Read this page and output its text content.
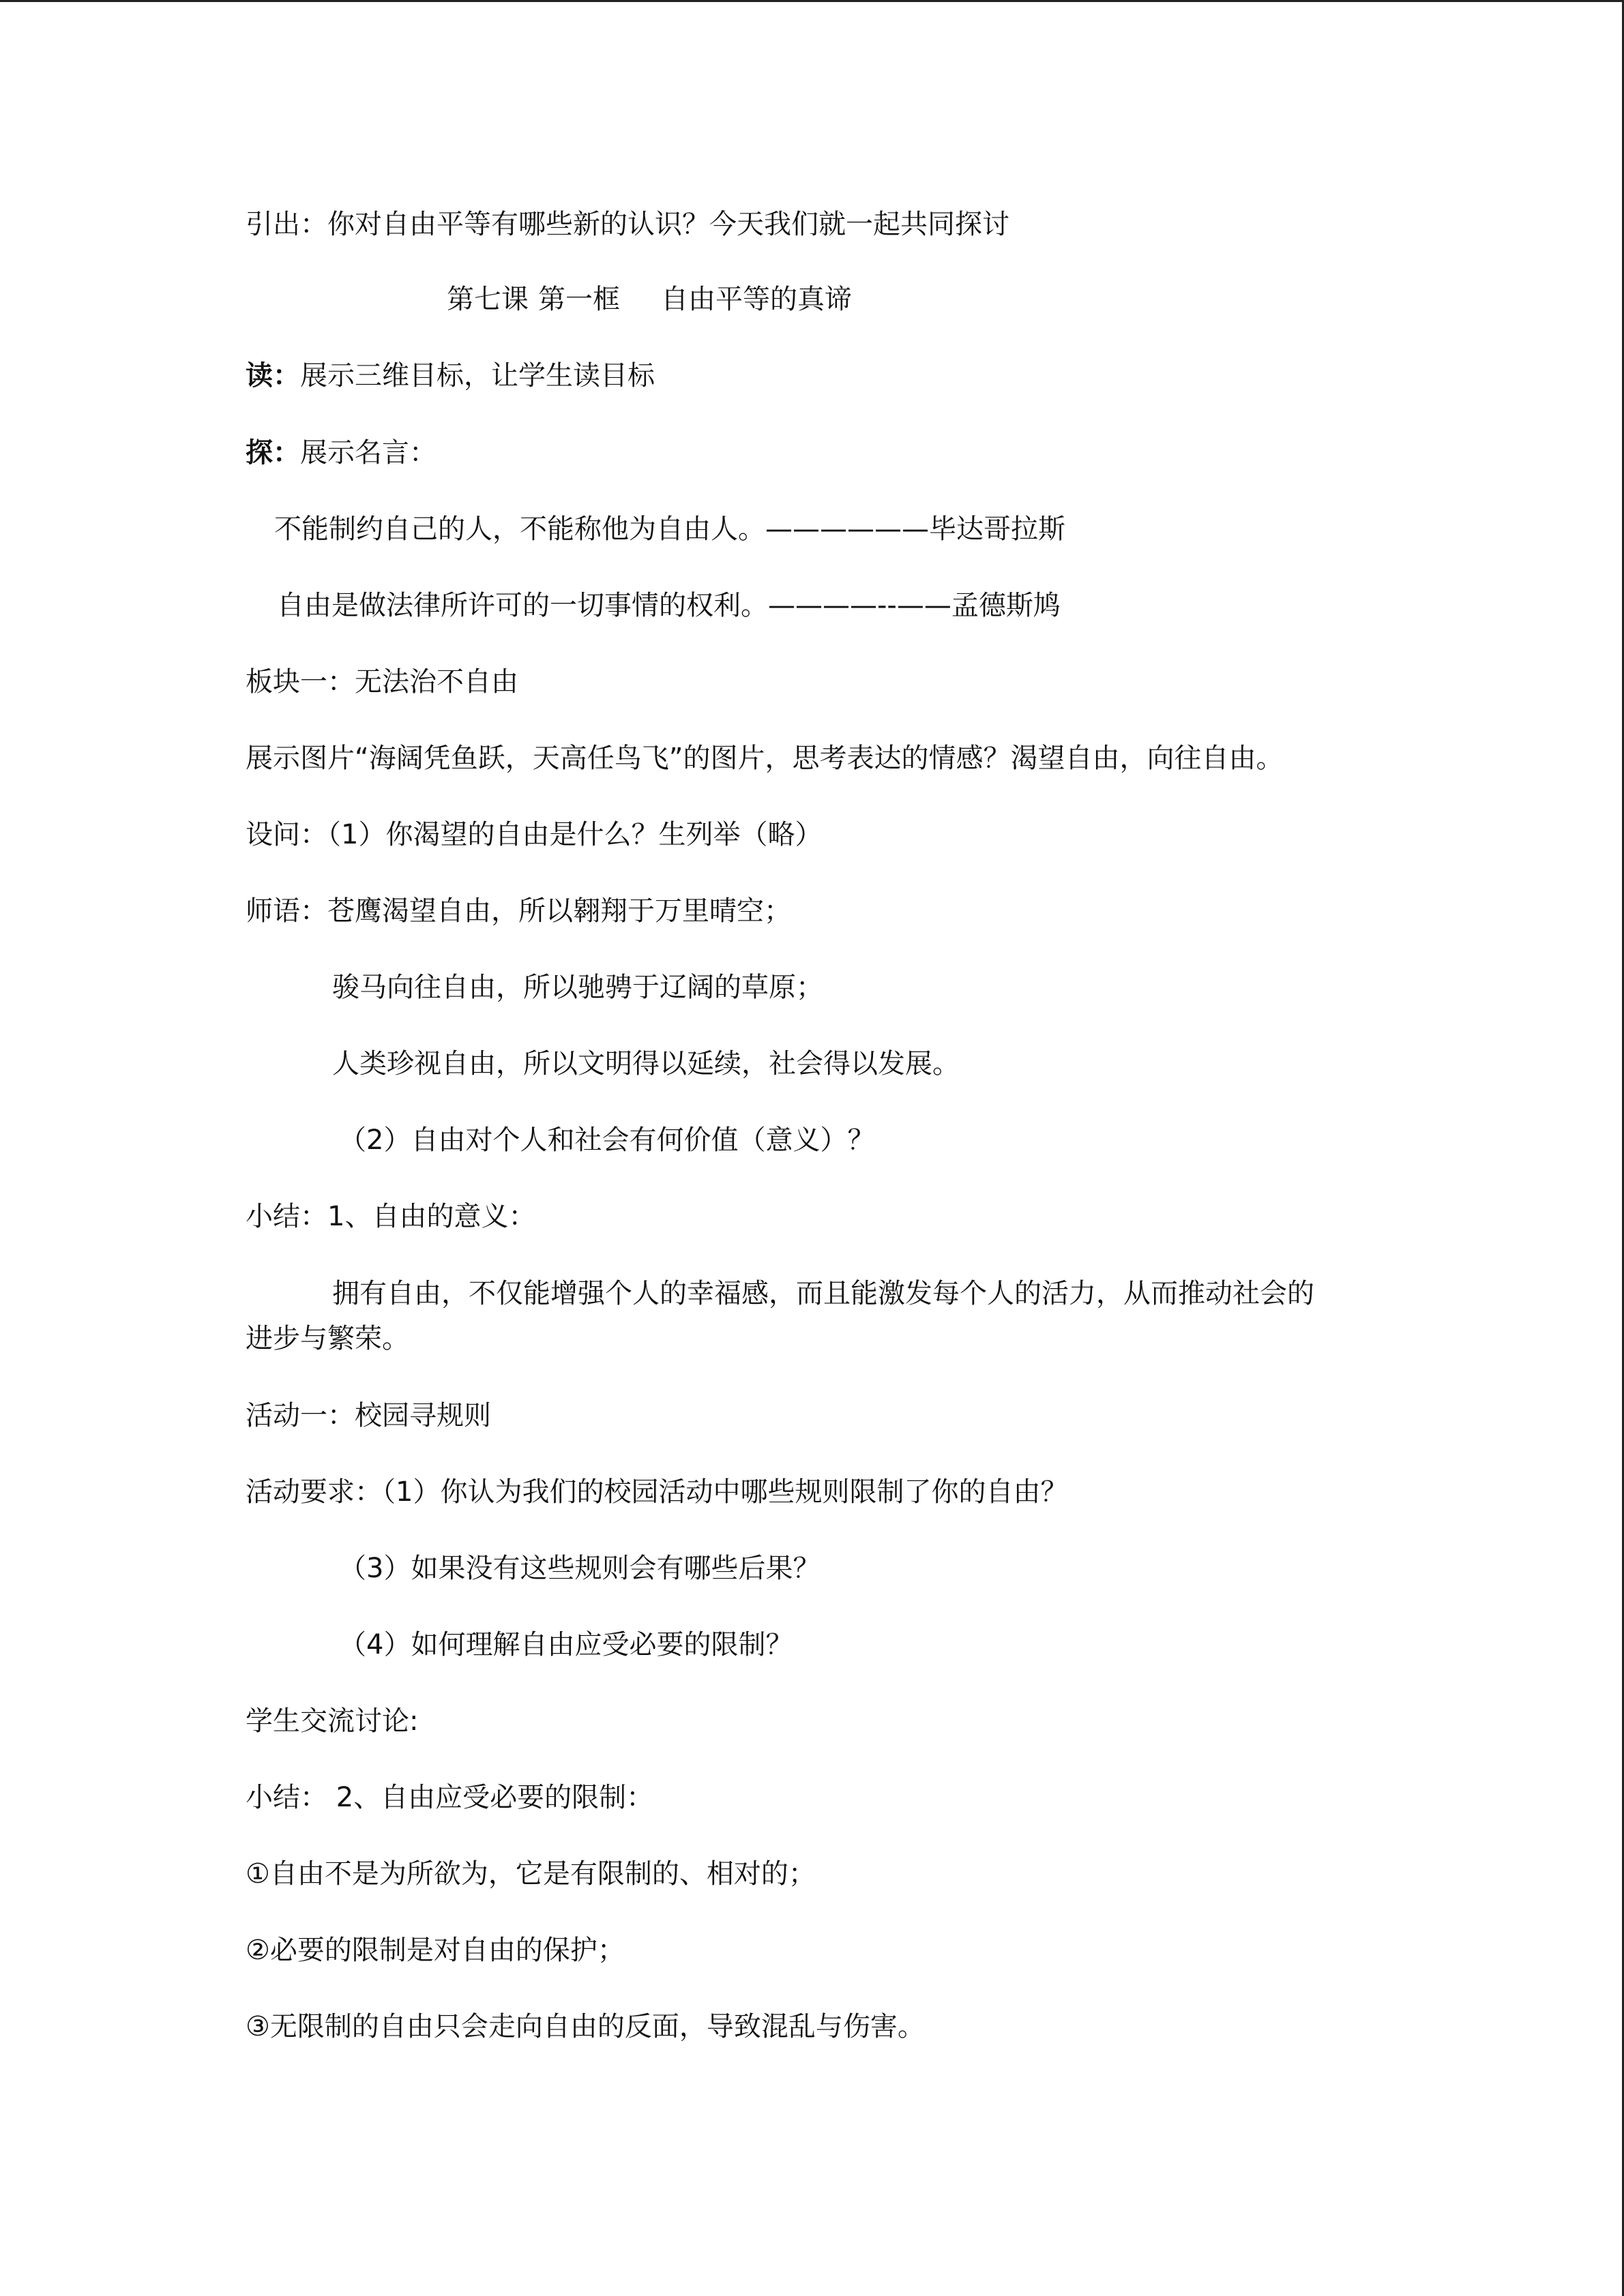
引出：你对自由平等有哪些新的认识？今天我们就一起共同探讨
第七课 第一框 自由平等的真谛
读：展示三维目标，让学生读目标
探：展示名言：
不能制约自己的人，不能称他为自由人。——————毕达哥拉斯
自由是做法律所许可的一切事情的权利。————--——孟德斯鸠
板块一：无法治不自由
展示图片“海阔凭鱼跃，天高任鸟飞”的图片，思考表达的情感？渴望自由，向往自由。
设问：（1）你渴望的自由是什么？生列举（略）
师语：苍鹰渴望自由，所以翱翔于万里晴空；
骏马向往自由，所以驰骋于辽阔的草原；
人类珍视自由，所以文明得以延续，社会得以发展。
（2）自由对个人和社会有何价值（意义）？
小结：1、自由的意义：
拥有自由，不仅能增强个人的幸福感，而且能激发每个人的活力，从而推动社会的
进步与繁荣。
活动一：校园寻规则
活动要求：（1）你认为我们的校园活动中哪些规则限制了你的自由？
（3）如果没有这些规则会有哪些后果？
（4）如何理解自由应受必要的限制？
学生交流讨论:
小结： 2、自由应受必要的限制：
①自由不是为所欲为，它是有限制的、相对的；
②必要的限制是对自由的保护；
③无限制的自由只会走向自由的反面，导致混乱与伤害。
